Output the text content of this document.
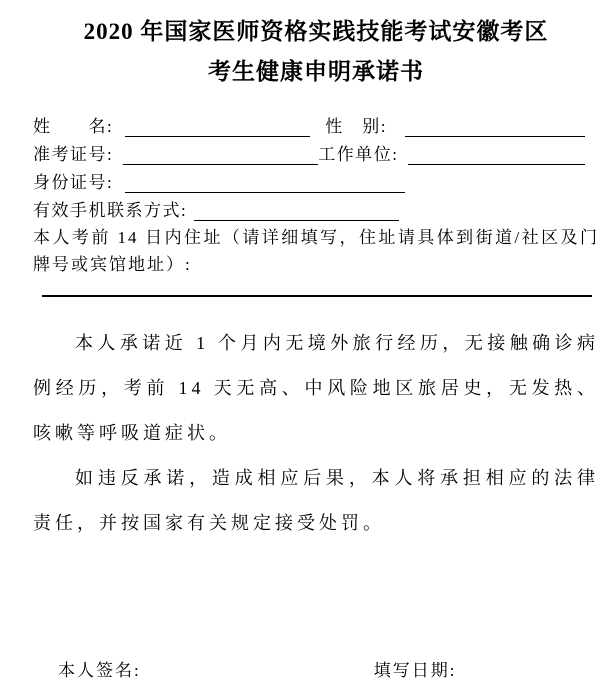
2020 年国家医师资格实践技能考试安徽考区
考生健康申明承诺书
姓　　名:	性　别:
准考证号:	工作单位:
身份证号:
有效手机联系方式:
本人考前 14 日内住址（请详细填写，住址请具体到街道/社区及门牌号或宾馆地址）:
本人承诺近 1 个月内无境外旅行经历，无接触确诊病例经历，考前 14 天无高、中风险地区旅居史，无发热、咳嗽等呼吸道症状。
如违反承诺，造成相应后果，本人将承担相应的法律责任，并按国家有关规定接受处罚。
本人签名:	填写日期:
